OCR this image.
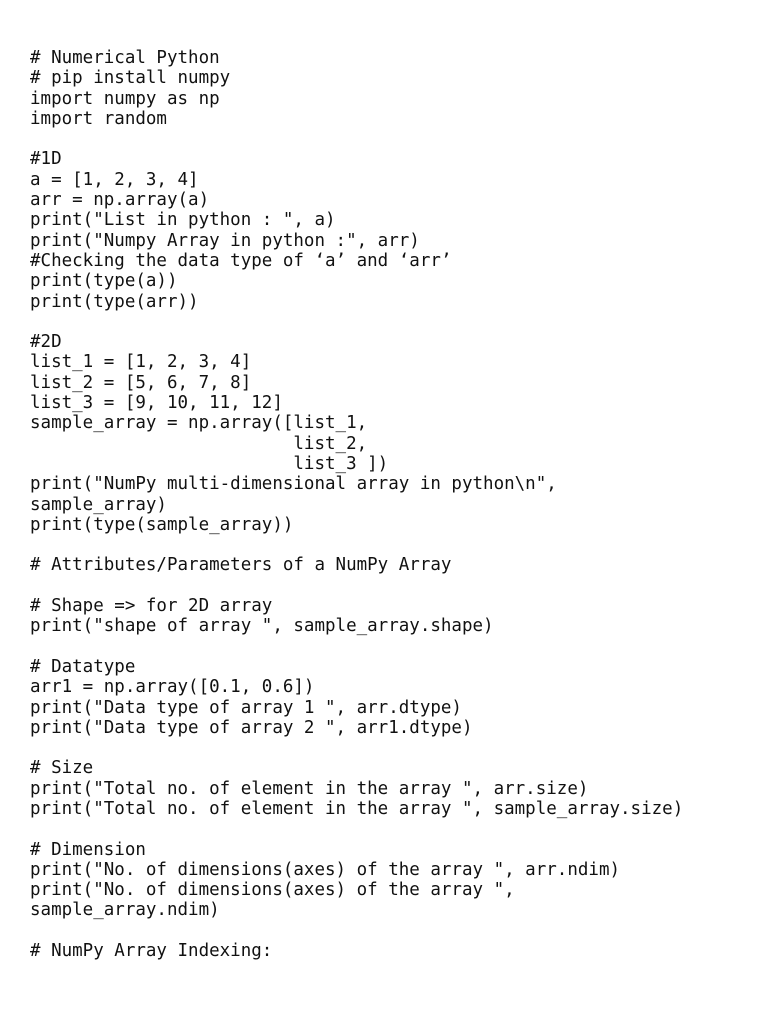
# Numerical Python
# pip install numpy
import numpy as np
import random
#1D
a = [1, 2, 3, 4]
arr = np.array(a)
print("List in python : ", a)
print("Numpy Array in python :", arr)
#Checking the data type of ‘a’ and ‘arr’
print(type(a))
print(type(arr))
#2D
list_1 = [1, 2, 3, 4]
list_2 = [5, 6, 7, 8]
list_3 = [9, 10, 11, 12]
sample_array = np.array([list_1,
list_2,
list_3 ])
print("NumPy multi-dimensional array in python\n",
sample_array)
print(type(sample_array))
# Attributes/Parameters of a NumPy Array
# Shape => for 2D array
print("shape of array ", sample_array.shape)
# Datatype
arr1 = np.array([0.1, 0.6])
print("Data type of array 1 ", arr.dtype)
print("Data type of array 2 ", arr1.dtype)
# Size
print("Total no. of element in the array ", arr.size)
print("Total no. of element in the array ", sample_array.size)
# Dimension
print("No. of dimensions(axes) of the array ", arr.ndim)
print("No. of dimensions(axes) of the array ",
sample_array.ndim)
# NumPy Array Indexing:
